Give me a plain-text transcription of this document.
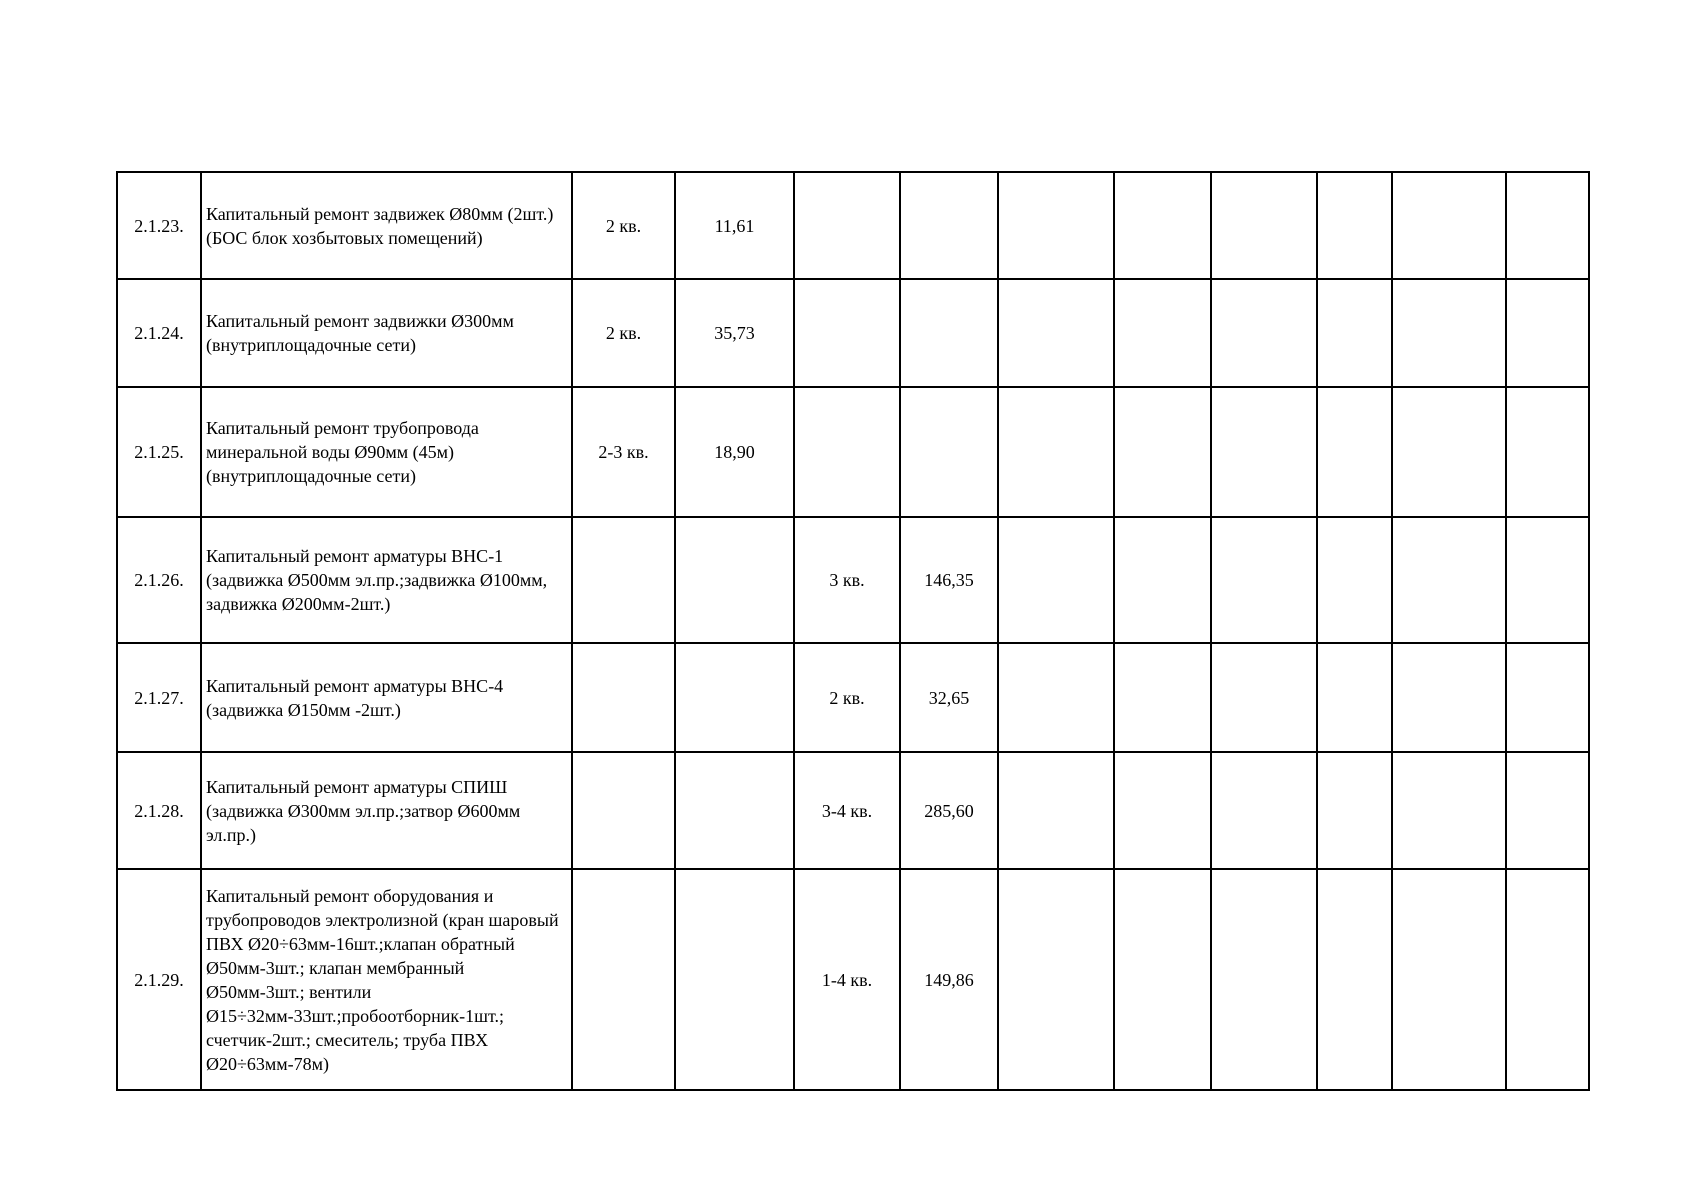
2.1.23.	Капитальный ремонт задвижек Ø80мм (2шт.) (БОС блок хозбытовых помещений)	2 кв.	11,61								
2.1.24.	Капитальный ремонт задвижки Ø300мм (внутриплощадочные сети)	2 кв.	35,73								
2.1.25.	Капитальный ремонт трубопровода минеральной воды Ø90мм (45м) (внутриплощадочные сети)	2-3 кв.	18,90								
2.1.26.	Капитальный ремонт арматуры ВНС-1 (задвижка Ø500мм эл.пр.;задвижка Ø100мм, задвижка Ø200мм-2шт.)			3 кв.	146,35						
2.1.27.	Капитальный ремонт арматуры ВНС-4 (задвижка Ø150мм -2шт.)			2 кв.	32,65						
2.1.28.	Капитальный ремонт арматуры СПИШ (задвижка Ø300мм эл.пр.;затвор Ø600мм эл.пр.)			3-4 кв.	285,60						
2.1.29.	Капитальный ремонт оборудования и трубопроводов электролизной (кран шаровый ПВХ Ø20÷63мм-16шт.;клапан обратный Ø50мм-3шт.; клапан мембранный Ø50мм-3шт.; вентили Ø15÷32мм-33шт.;пробоотборник-1шт.; счетчик-2шт.; смеситель; труба ПВХ Ø20÷63мм-78м)			1-4 кв.	149,86						
